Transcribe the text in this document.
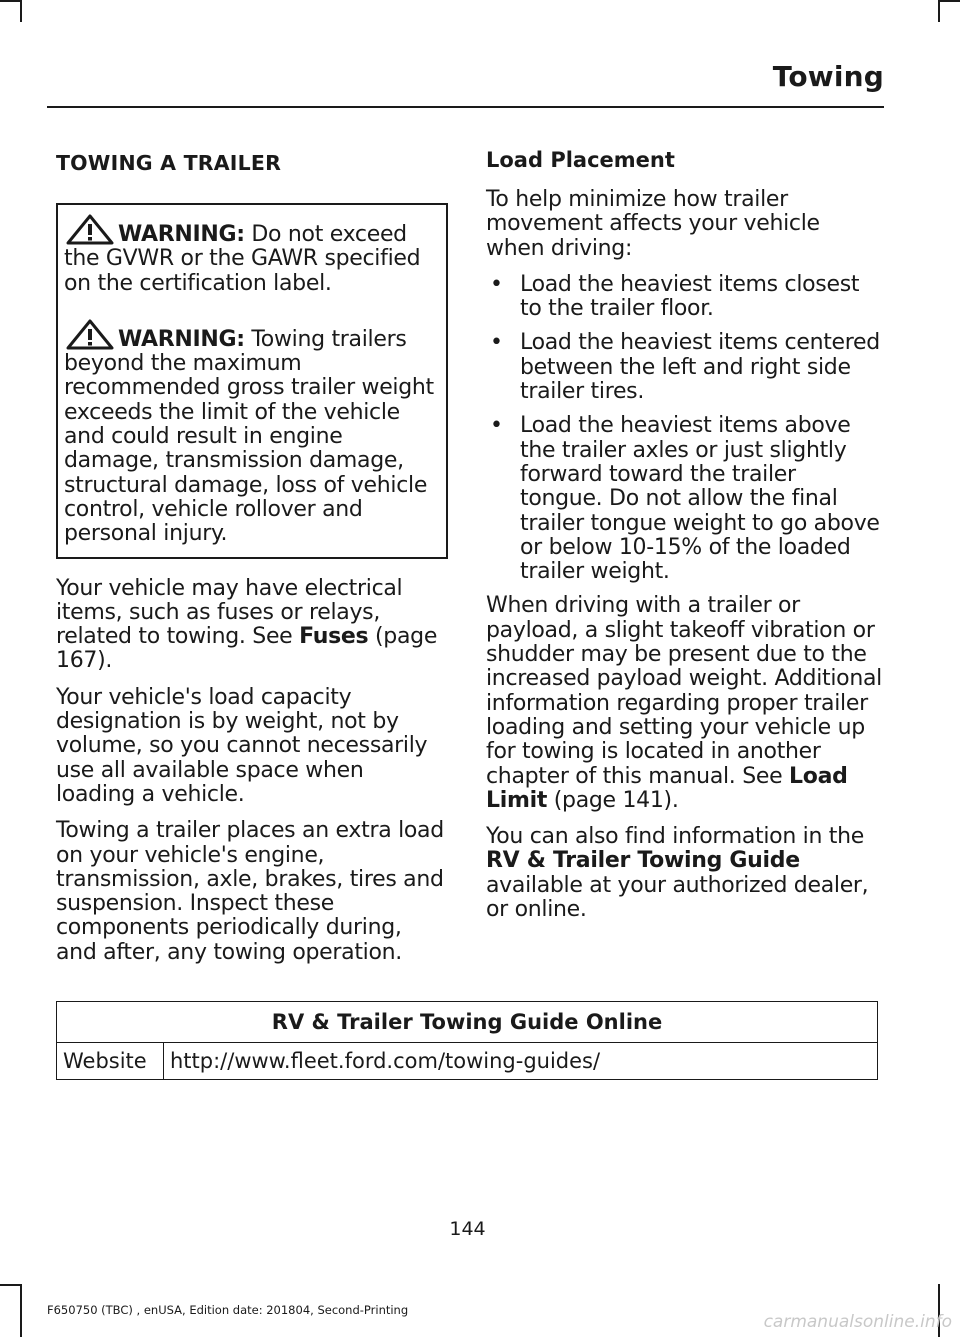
Towing
TOWING A TRAILER
WARNING: Do not exceed the GVWR or the GAWR specified on the certification label.
WARNING: Towing trailers beyond the maximum recommended gross trailer weight exceeds the limit of the vehicle and could result in engine damage, transmission damage, structural damage, loss of vehicle control, vehicle rollover and personal injury.

Your vehicle may have electrical items, such as fuses or relays, related to towing. See Fuses (page 167).

Your vehicle's load capacity designation is by weight, not by volume, so you cannot necessarily use all available space when loading a vehicle.

Towing a trailer places an extra load on your vehicle's engine, transmission, axle, brakes, tires and suspension. Inspect these components periodically during, and after, any towing operation.

Load Placement

To help minimize how trailer movement affects your vehicle when driving:

• Load the heaviest items closest to the trailer floor.
• Load the heaviest items centered between the left and right side trailer tires.
• Load the heaviest items above the trailer axles or just slightly forward toward the trailer tongue. Do not allow the final trailer tongue weight to go above or below 10-15% of the loaded trailer weight.

When driving with a trailer or payload, a slight takeoff vibration or shudder may be present due to the increased payload weight. Additional information regarding proper trailer loading and setting your vehicle up for towing is located in another chapter of this manual. See Load Limit (page 141).

You can also find information in the RV & Trailer Towing Guide available at your authorized dealer, or online.

RV & Trailer Towing Guide Online
Website	http://www.fleet.ford.com/towing-guides/
144
F650750 (TBC) , enUSA, Edition date: 201804, Second-Printing
carmanualsonline.info
